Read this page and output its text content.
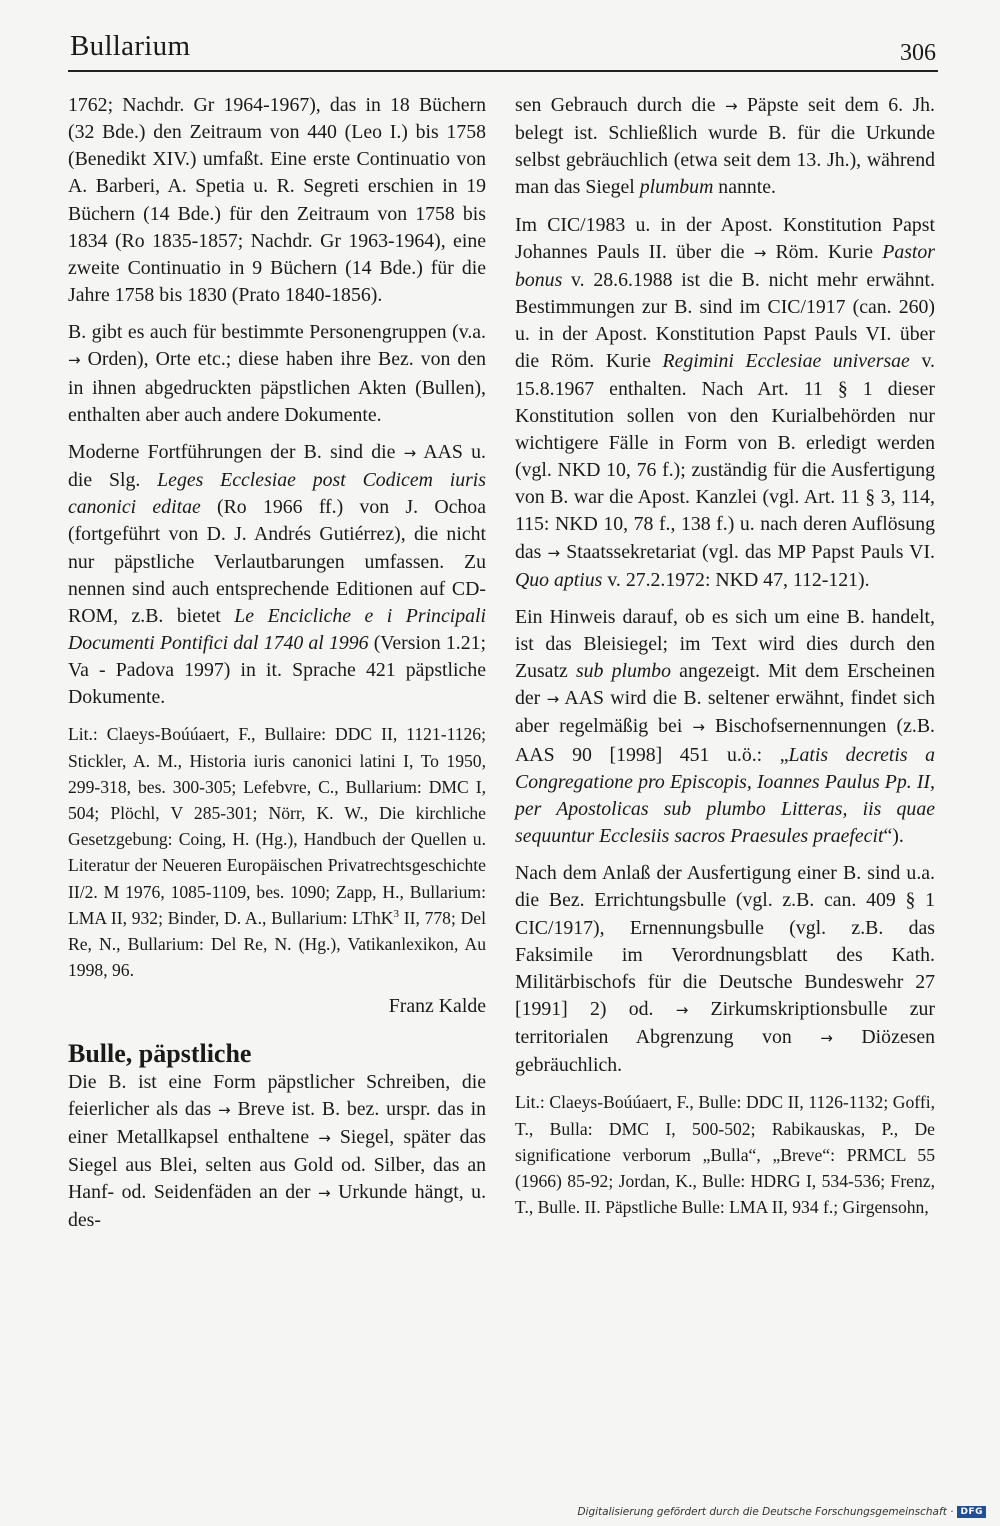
Bullarium	306

1762; Nachdr. Gr 1964-1967), das in 18 Büchern (32 Bde.) den Zeitraum von 440 (Leo I.) bis 1758 (Benedikt XIV.) umfaßt. Eine erste Continuatio von A. Barberi, A. Spetia u. R. Segreti erschien in 19 Büchern (14 Bde.) für den Zeitraum von 1758 bis 1834 (Ro 1835-1857; Nachdr. Gr 1963-1964), eine zweite Continuatio in 9 Büchern (14 Bde.) für die Jahre 1758 bis 1830 (Prato 1840-1856).

B. gibt es auch für bestimmte Personengruppen (v.a. → Orden), Orte etc.; diese haben ihre Bez. von den in ihnen abgedruckten päpstlichen Akten (Bullen), enthalten aber auch andere Dokumente.

Moderne Fortführungen der B. sind die → AAS u. die Slg. Leges Ecclesiae post Codicem iuris canonici editae (Ro 1966 ff.) von J. Ochoa (fortgeführt von D. J. Andrés Gutiérrez), die nicht nur päpstliche Verlautbarungen umfassen. Zu nennen sind auch entsprechende Editionen auf CD-ROM, z.B. bietet Le Encicliche e i Principali Documenti Pontifici dal 1740 al 1996 (Version 1.21; Va - Padova 1997) in it. Sprache 421 päpstliche Dokumente.

Lit.: Claeys-Boúúaert, F., Bullaire: DDC II, 1121-1126; Stickler, A. M., Historia iuris canonici latini I, To 1950, 299-318, bes. 300-305; Lefebvre, C., Bullarium: DMC I, 504; Plöchl, V 285-301; Nörr, K. W., Die kirchliche Gesetzgebung: Coing, H. (Hg.), Handbuch der Quellen u. Literatur der Neueren Europäischen Privatrechtsgeschichte II/2. M 1976, 1085-1109, bes. 1090; Zapp, H., Bullarium: LMA II, 932; Binder, D. A., Bullarium: LThK$^3$ II, 778; Del Re, N., Bullarium: Del Re, N. (Hg.), Vatikanlexikon, Au 1998, 96.

Franz Kalde

Bulle, päpstliche

Die B. ist eine Form päpstlicher Schreiben, die feierlicher als das → Breve ist. B. bez. urspr. das in einer Metallkapsel enthaltene → Siegel, später das Siegel aus Blei, selten aus Gold od. Silber, das an Hanf- od. Seidenfäden an der → Urkunde hängt, u. des-

sen Gebrauch durch die → Päpste seit dem 6. Jh. belegt ist. Schließlich wurde B. für die Urkunde selbst gebräuchlich (etwa seit dem 13. Jh.), während man das Siegel plumbum nannte.

Im CIC/1983 u. in der Apost. Konstitution Papst Johannes Pauls II. über die → Röm. Kurie Pastor bonus v. 28.6.1988 ist die B. nicht mehr erwähnt. Bestimmungen zur B. sind im CIC/1917 (can. 260) u. in der Apost. Konstitution Papst Pauls VI. über die Röm. Kurie Regimini Ecclesiae universae v. 15.8.1967 enthalten. Nach Art. 11 § 1 dieser Konstitution sollen von den Kurialbehörden nur wichtigere Fälle in Form von B. erledigt werden (vgl. NKD 10, 76 f.); zuständig für die Ausfertigung von B. war die Apost. Kanzlei (vgl. Art. 11 § 3, 114, 115: NKD 10, 78 f., 138 f.) u. nach deren Auflösung das → Staatssekretariat (vgl. das MP Papst Pauls VI. Quo aptius v. 27.2.1972: NKD 47, 112-121).

Ein Hinweis darauf, ob es sich um eine B. handelt, ist das Bleisiegel; im Text wird dies durch den Zusatz sub plumbo angezeigt. Mit dem Erscheinen der → AAS wird die B. seltener erwähnt, findet sich aber regelmäßig bei → Bischofsernennungen (z.B. AAS 90 [1998] 451 u.ö.: „Latis decretis a Congregatione pro Episcopis, Ioannes Paulus Pp. II, per Apostolicas sub plumbo Litteras, iis quae sequuntur Ecclesiis sacros Praesules praefecit“).

Nach dem Anlaß der Ausfertigung einer B. sind u.a. die Bez. Errichtungsbulle (vgl. z.B. can. 409 § 1 CIC/1917), Ernennungsbulle (vgl. z.B. das Faksimile im Verordnungsblatt des Kath. Militärbischofs für die Deutsche Bundeswehr 27 [1991] 2) od. → Zirkumskriptionsbulle zur territorialen Abgrenzung von → Diözesen gebräuchlich.

Lit.: Claeys-Boúúaert, F., Bulle: DDC II, 1126-1132; Goffi, T., Bulla: DMC I, 500-502; Rabikauskas, P., De significatione verborum „Bulla“, „Breve“: PRMCL 55 (1966) 85-92; Jordan, K., Bulle: HDRG I, 534-536; Frenz, T., Bulle. II. Päpstliche Bulle: LMA II, 934 f.; Girgensohn,

Digitalisierung gefördert durch die Deutsche Forschungsgemeinschaft · DFG
